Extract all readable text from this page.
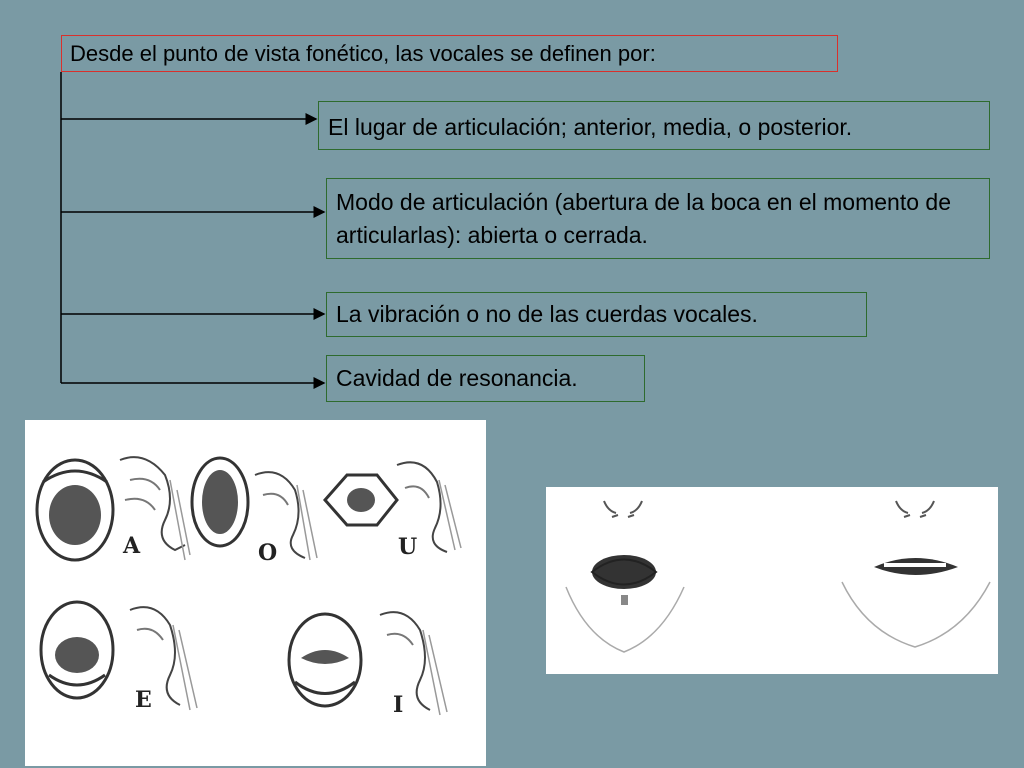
Desde el punto de vista fonético, las vocales se definen por:
El lugar de articulación; anterior, media, o posterior.
Modo de articulación (abertura de la boca en el momento de articularlas): abierta o cerrada.
La vibración o no de las cuerdas vocales.
Cavidad de resonancia.
A	O	U
E	I
